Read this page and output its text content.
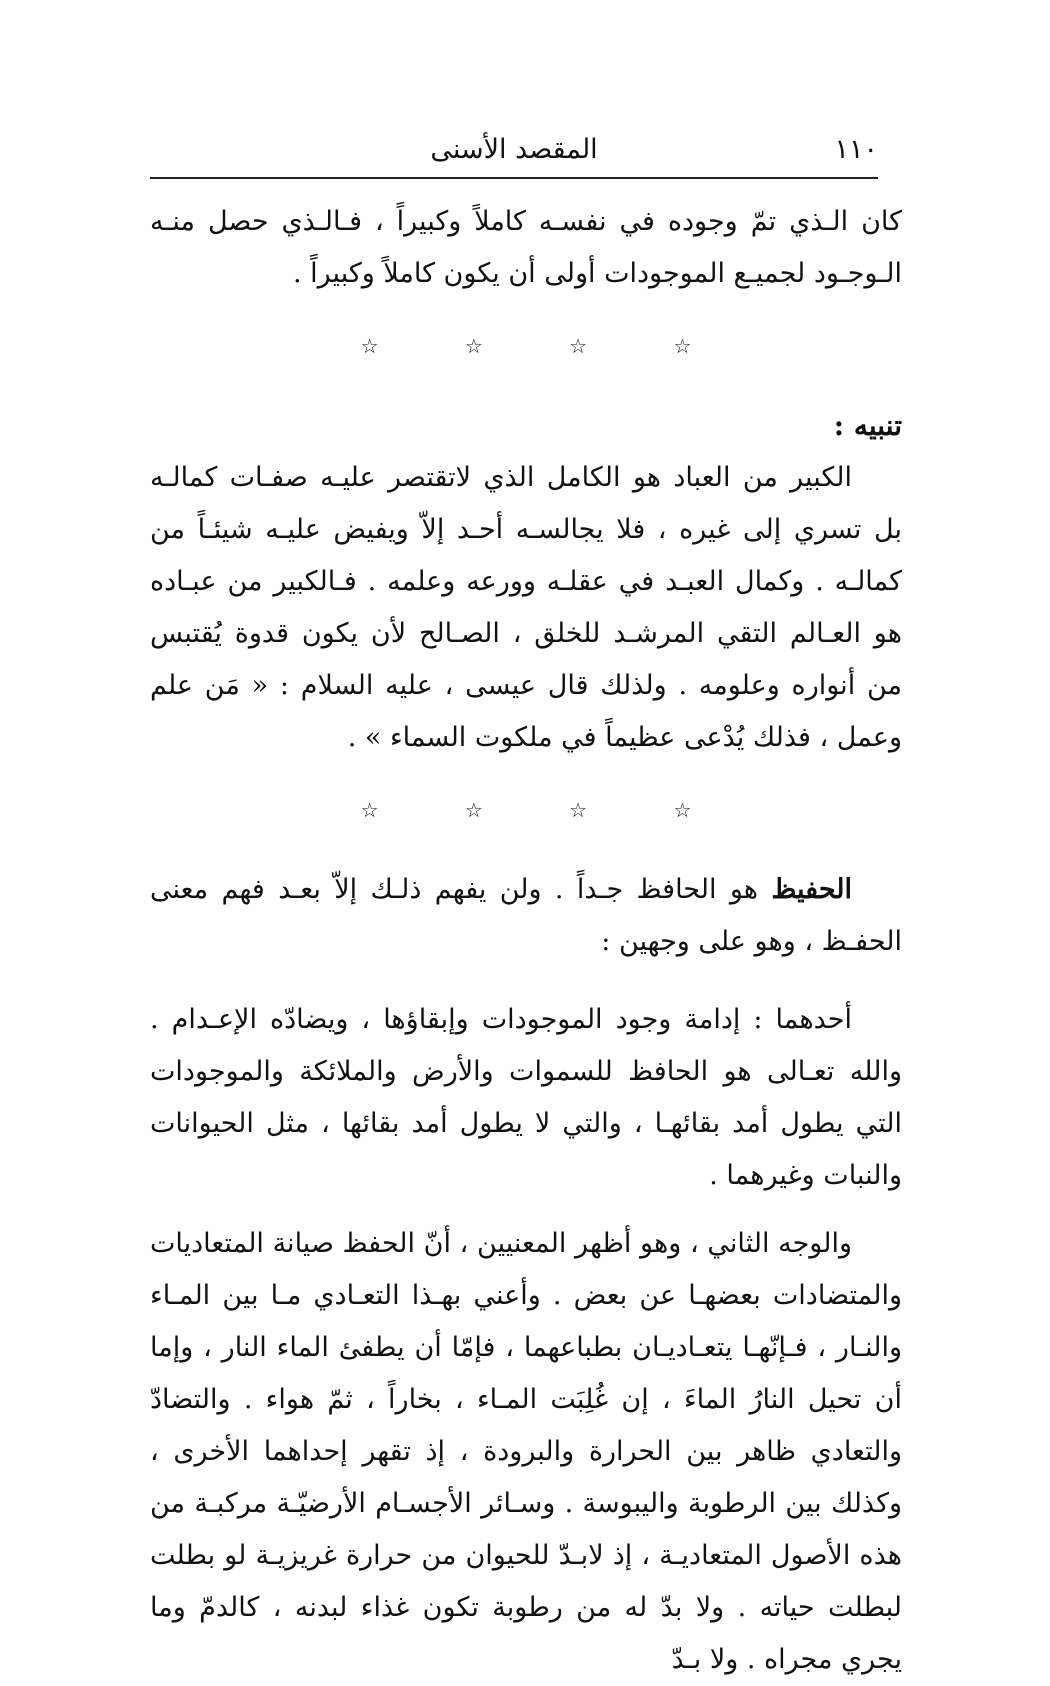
١١٠
المقصد الأسنى

كان الـذي تمّ وجوده في نفسـه كاملاً وكبيراً ، فـالـذي حصل منـه الـوجـود لجميـع الموجودات أولى أن يكون كاملاً وكبيراً .

☆ ☆ ☆ ☆

تنبيه :

الكبير من العباد هو الكامل الذي لاتقتصر عليـه صفـات كمالـه بل تسري إلى غيره ، فلا يجالسـه أحـد إلاّ ويفيض عليـه شيئـاً من كمالـه . وكمال العبـد في عقلـه وورعه وعلمه . فـالكبير من عبـاده هو العـالم التقي المرشـد للخلق ، الصـالح لأن يكون قدوة يُقتبس من أنواره وعلومه . ولذلك قال عيسى ، عليه السلام : « مَن علم وعمل ، فذلك يُدْعى عظيماً في ملكوت السماء » .

☆ ☆ ☆ ☆

الحفيظ هو الحافظ جـداً . ولن يفهم ذلـك إلاّ بعـد فهم معنى الحفـظ ، وهو على وجهين :

أحدهما : إدامة وجود الموجودات وإبقاؤها ، ويضادّه الإعـدام . والله تعـالى هو الحافظ للسموات والأرض والملائكة والموجودات التي يطول أمد بقائهـا ، والتي لا يطول أمد بقائها ، مثل الحيوانات والنبات وغيرهما .

والوجه الثاني ، وهو أظهر المعنيين ، أنّ الحفظ صيانة المتعاديات والمتضادات بعضهـا عن بعض . وأعني بهـذا التعـادي مـا بين المـاء والنـار ، فـإنّهـا يتعـاديـان بطباعهما ، فإمّا أن يطفئ الماء النار ، وإما أن تحيل النارُ الماءَ ، إن غُلِبَت المـاء ، بخاراً ، ثمّ هواء . والتضادّ والتعادي ظاهر بين الحرارة والبرودة ، إذ تقهر إحداهما الأخرى ، وكذلك بين الرطوبة واليبوسة . وسـائر الأجسـام الأرضيّـة مركبـة من هذه الأصول المتعاديـة ، إذ لابـدّ للحيوان من حرارة غريزيـة لو بطلت لبطلت حياته . ولا بدّ له من رطوبة تكون غذاء لبدنه ، كالدمّ وما يجري مجراه . ولا بـدّ
